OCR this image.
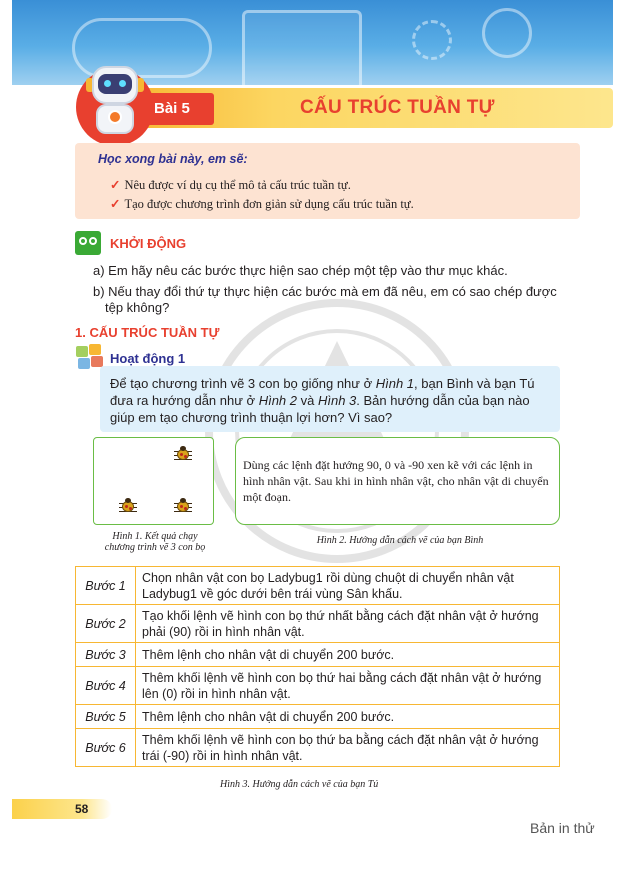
Bài 5	CẤU TRÚC TUẦN TỰ
Học xong bài này, em sẽ:
✓ Nêu được ví dụ cụ thể mô tả cấu trúc tuần tự.
✓ Tạo được chương trình đơn giản sử dụng cấu trúc tuần tự.
KHỞI ĐỘNG
a) Em hãy nêu các bước thực hiện sao chép một tệp vào thư mục khác.
b) Nếu thay đổi thứ tự thực hiện các bước mà em đã nêu, em có sao chép được
tệp không?
1. CẤU TRÚC TUẦN TỰ
Hoạt động 1
Để tạo chương trình vẽ 3 con bọ giống như ở Hình 1, bạn Bình và bạn Tú
đưa ra hướng dẫn như ở Hình 2 và Hình 3. Bản hướng dẫn của bạn nào
giúp em tạo chương trình thuận lợi hơn? Vì sao?
Dùng các lệnh đặt hướng 90, 0 và -90 xen kẽ với các lệnh in hình nhân vật. Sau khi in hình nhân vật, cho nhân vật di chuyển một đoạn.
Hình 1. Kết quả chạy
chương trình vẽ 3 con bọ
Hình 2. Hướng dẫn cách vẽ của bạn Bình
Bước 1	Chọn nhân vật con bọ Ladybug1 rồi dùng chuột di chuyển nhân vật Ladybug1 về góc dưới bên trái vùng Sân khấu.
Bước 2	Tạo khối lệnh vẽ hình con bọ thứ nhất bằng cách đặt nhân vật ở hướng phải (90) rồi in hình nhân vật.
Bước 3	Thêm lệnh cho nhân vật di chuyển 200 bước.
Bước 4	Thêm khối lệnh vẽ hình con bọ thứ hai bằng cách đặt nhân vật ở hướng lên (0) rồi in hình nhân vật.
Bước 5	Thêm lệnh cho nhân vật di chuyển 200 bước.
Bước 6	Thêm khối lệnh vẽ hình con bọ thứ ba bằng cách đặt nhân vật ở hướng trái (-90) rồi in hình nhân vật.
Hình 3. Hướng dẫn cách vẽ của bạn Tú
58
Bản in thử
